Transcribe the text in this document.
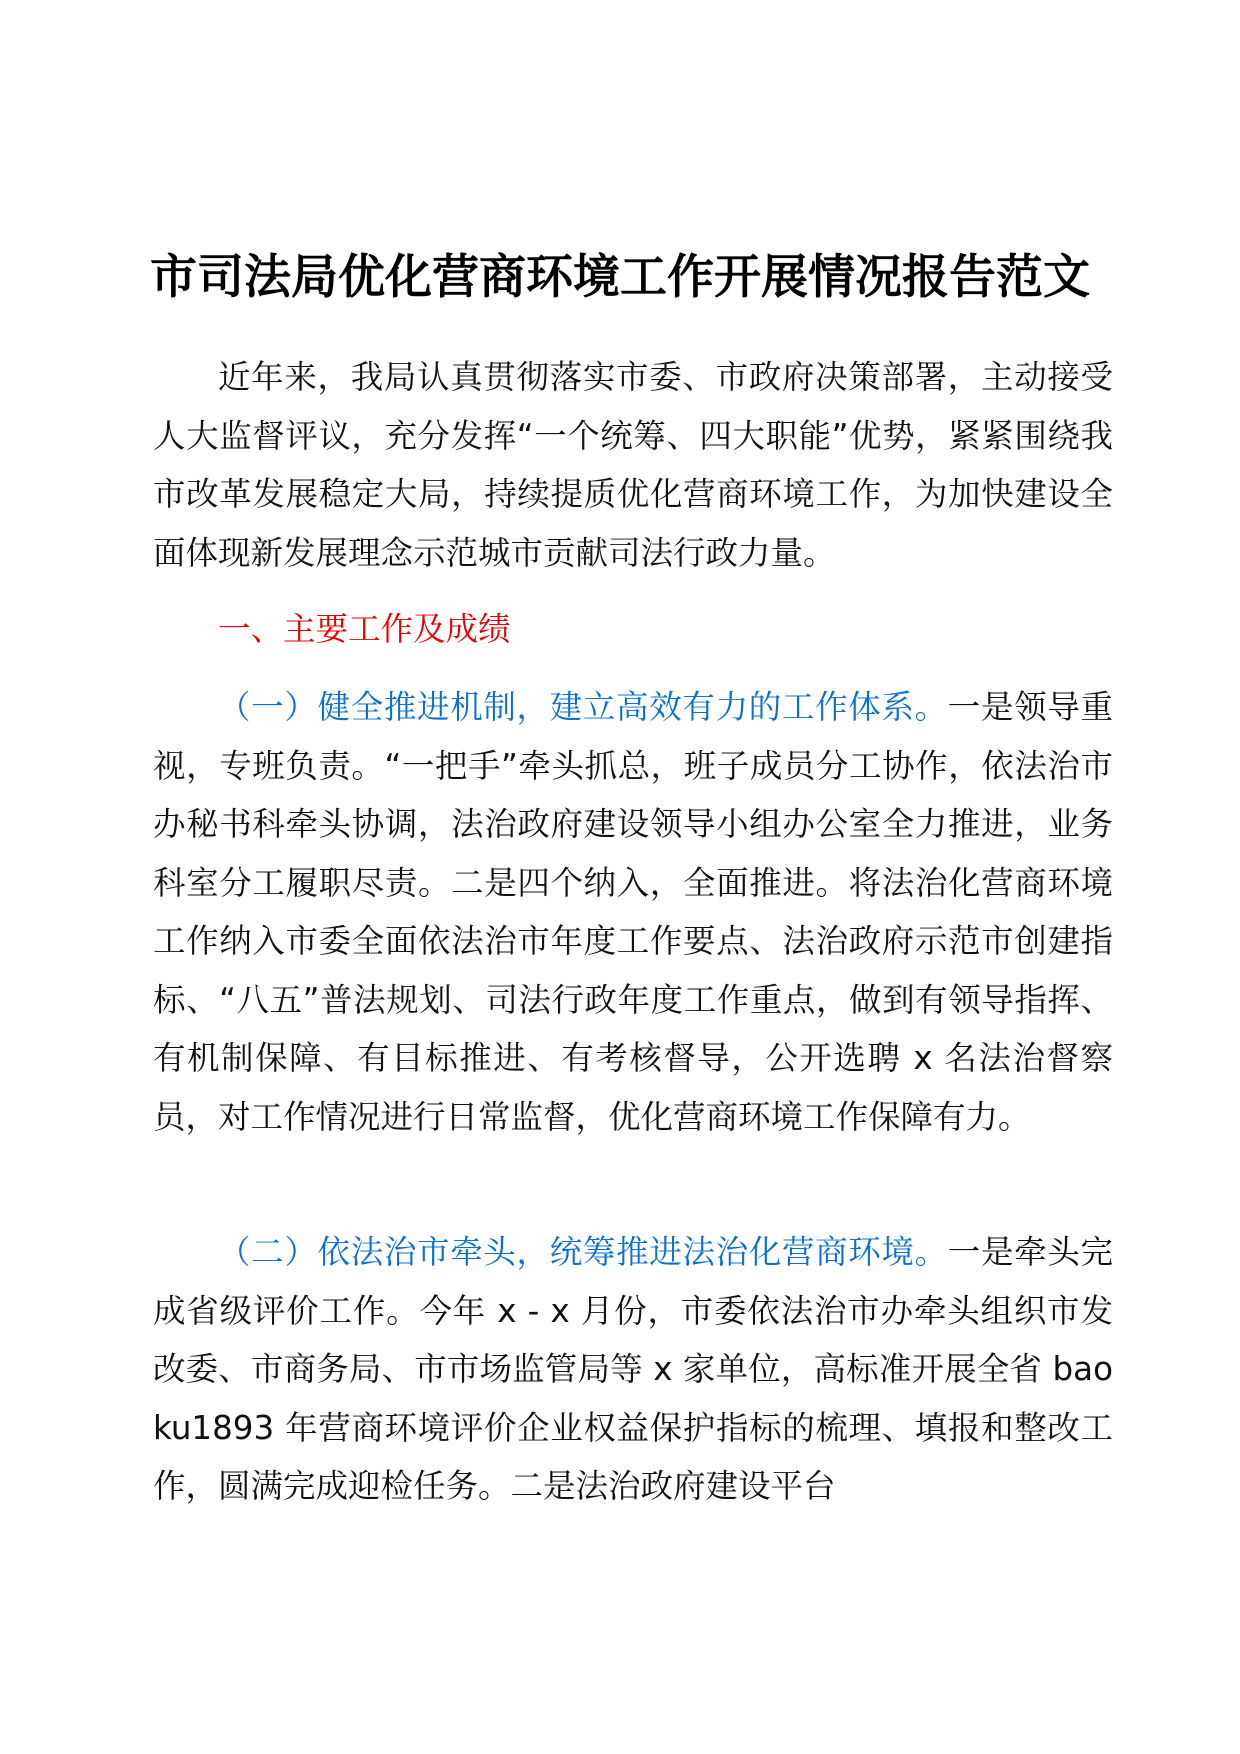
市司法局优化营商环境工作开展情况报告范文

近年来，我局认真贯彻落实市委、市政府决策部署，主动接受人大监督评议，充分发挥“一个统筹、四大职能”优势，紧紧围绕我市改革发展稳定大局，持续提质优化营商环境工作，为加快建设全面体现新发展理念示范城市贡献司法行政力量。

一、主要工作及成绩

（一）健全推进机制，建立高效有力的工作体系。一是领导重视，专班负责。“一把手”牵头抓总，班子成员分工协作，依法治市办秘书科牵头协调，法治政府建设领导小组办公室全力推进，业务科室分工履职尽责。二是四个纳入，全面推进。将法治化营商环境工作纳入市委全面依法治市年度工作要点、法治政府示范市创建指标、“八五”普法规划、司法行政年度工作重点，做到有领导指挥、有机制保障、有目标推进、有考核督导，公开选聘 x 名法治督察员，对工作情况进行日常监督，优化营商环境工作保障有力。

（二）依法治市牵头，统筹推进法治化营商环境。一是牵头完成省级评价工作。今年 x - x 月份，市委依法治市办牵头组织市发改委、市商务局、市市场监管局等 x 家单位，高标准开展全省 baoku1893 年营商环境评价企业权益保护指标的梳理、填报和整改工作，圆满完成迎检任务。二是法治政府建设平台
